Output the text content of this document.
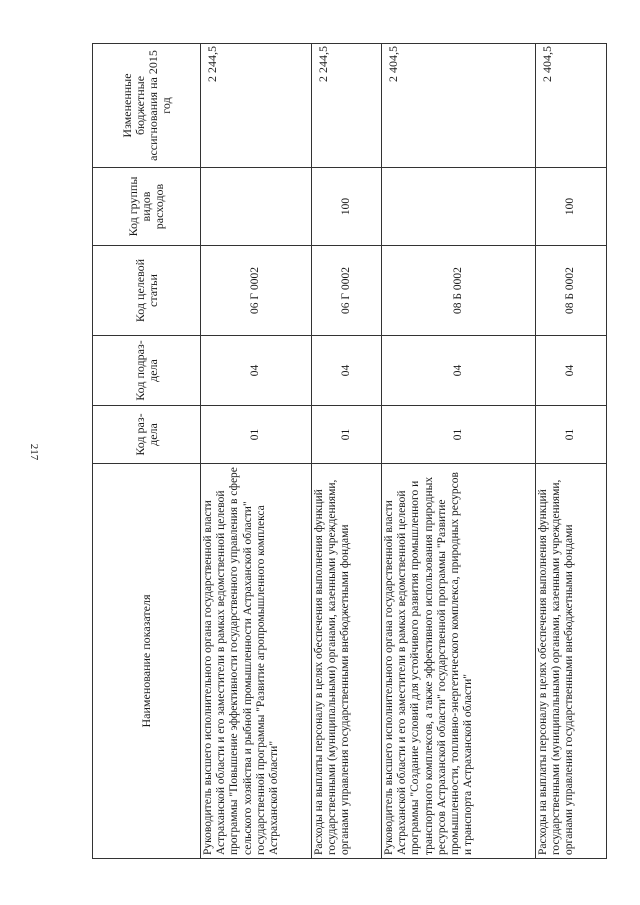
217
Наименование показателя	Код раз-дела	Код подраз-дела	Код целевой статьи	Код группы видов расходов	Измененные бюджетные ассигнования на 2015 год
Руководитель высшего исполнительного органа государственной власти Астраханской области и его заместители в рамках ведомственной целевой программы "Повышение эффективности государственного управления в сфере сельского хозяйства и рыбной промышленности Астраханской области" государственной программы "Развитие агропромышленного комплекса Астраханской области"	01	04	06 Г 0002		2 244,5
Расходы на выплаты персоналу в целях обеспечения выполнения функций государственными (муниципальными) органами, казенными учреждениями, органами управления государственными внебюджетными фондами	01	04	06 Г 0002	100	2 244,5
Руководитель высшего исполнительного органа государственной власти Астраханской области и его заместители в рамках ведомственной целевой программы "Создание условий для устойчивого развития промышленного и транспортного комплексов, а также эффективного использования природных ресурсов Астраханской области" государственной программы "Развитие промышленности, топливно-энергетического комплекса, природных ресурсов и транспорта Астраханской области"	01	04	08 Б 0002		2 404,5
Расходы на выплаты персоналу в целях обеспечения выполнения функций государственными (муниципальными) органами, казенными учреждениями, органами управления государственными внебюджетными фондами	01	04	08 Б 0002	100	2 404,5
